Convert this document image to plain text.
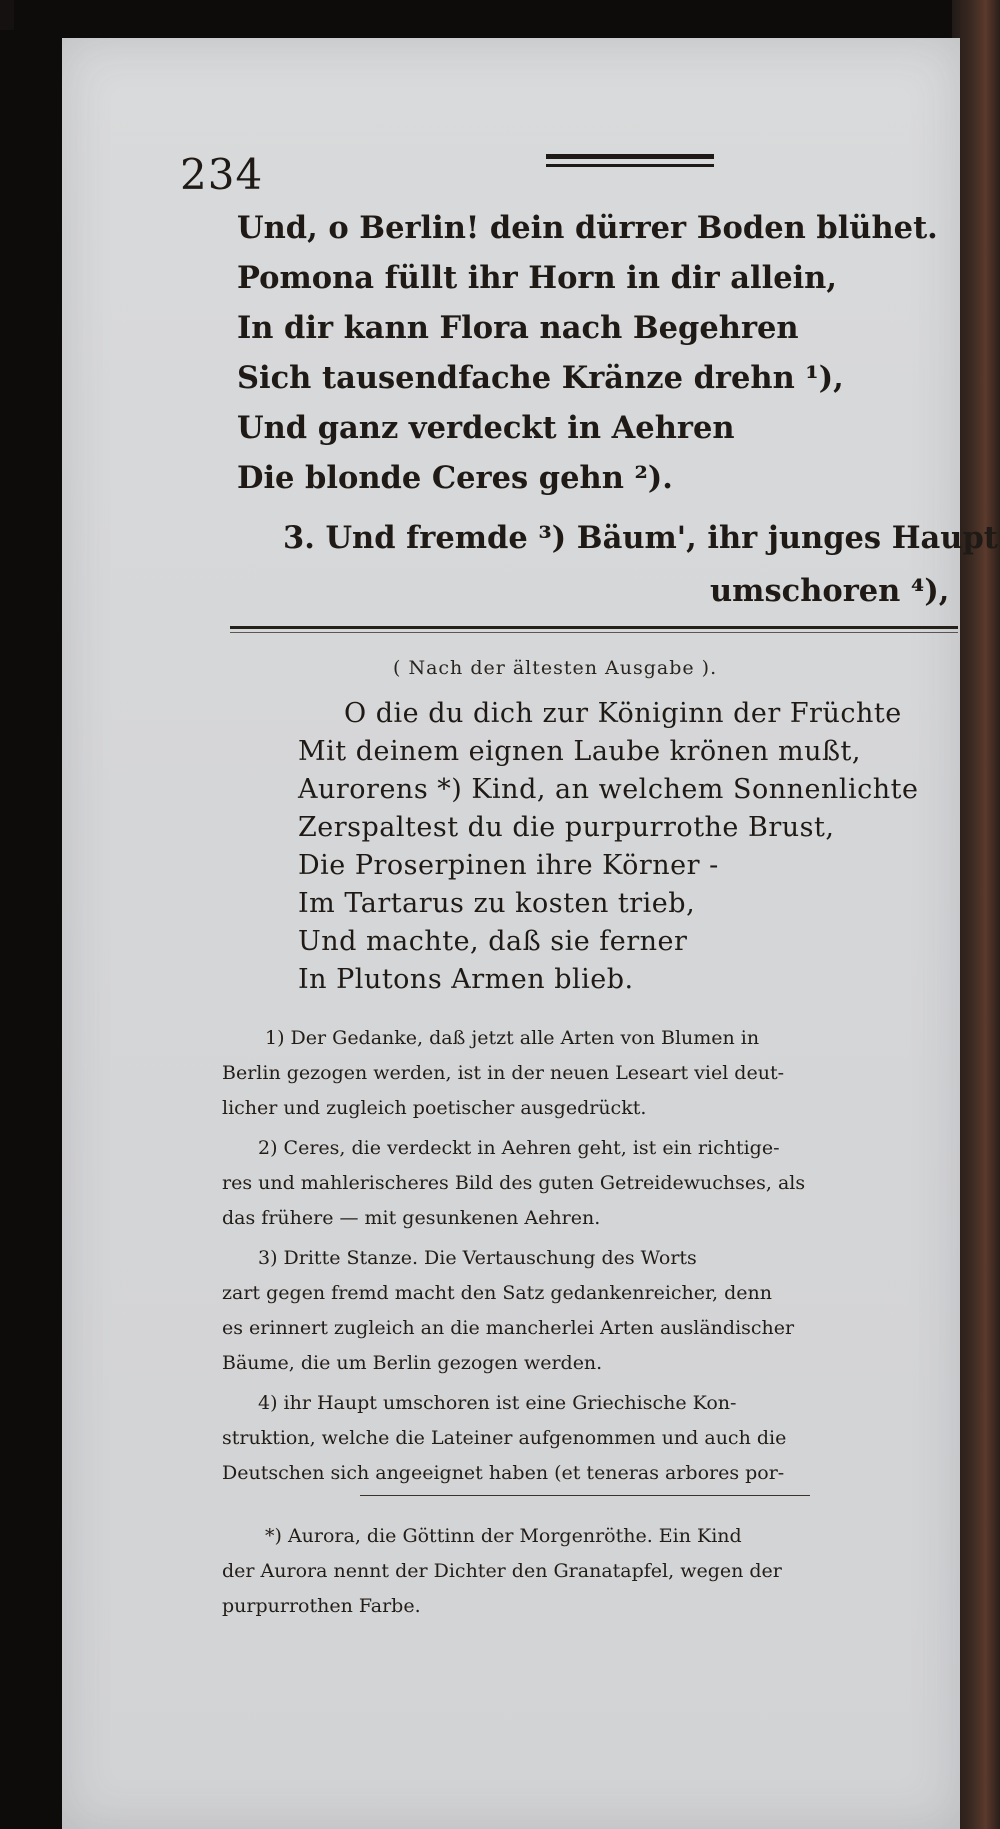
234
Und, o Berlin! dein dürrer Boden blühet.
Pomona füllt ihr Horn in dir allein,
In dir kann Flora nach Begehren
Sich tausendfache Kränze drehn ¹),
Und ganz verdeckt in Aehren
Die blonde Ceres gehn ²).
3. Und fremde ³) Bäum', ihr junges Haupt
umschoren ⁴),
( Nach der ältesten Ausgabe ).
O die du dich zur Königinn der Früchte
Mit deinem eignen Laube krönen mußt,
Aurorens *) Kind, an welchem Sonnenlichte
Zerspaltest du die purpurrothe Brust,
Die Proserpinen ihre Körner -
Im Tartarus zu kosten trieb,
Und machte, daß sie ferner
In Plutons Armen blieb.
1) Der Gedanke, daß jetzt alle Arten von Blumen in
Berlin gezogen werden, ist in der neuen Leseart viel deut-
licher und zugleich poetischer ausgedrückt.
2) Ceres, die verdeckt in Aehren geht, ist ein richtige-
res und mahlerischeres Bild des guten Getreidewuchses, als
das frühere — mit gesunkenen Aehren.
3) Dritte Stanze. Die Vertauschung des Worts
zart gegen fremd macht den Satz gedankenreicher, denn
es erinnert zugleich an die mancherlei Arten ausländischer
Bäume, die um Berlin gezogen werden.
4) ihr Haupt umschoren ist eine Griechische Kon-
struktion, welche die Lateiner aufgenommen und auch die
Deutschen sich angeeignet haben (et teneras arbores por-
*) Aurora, die Göttinn der Morgenröthe. Ein Kind
der Aurora nennt der Dichter den Granatapfel, wegen der
purpurrothen Farbe.
